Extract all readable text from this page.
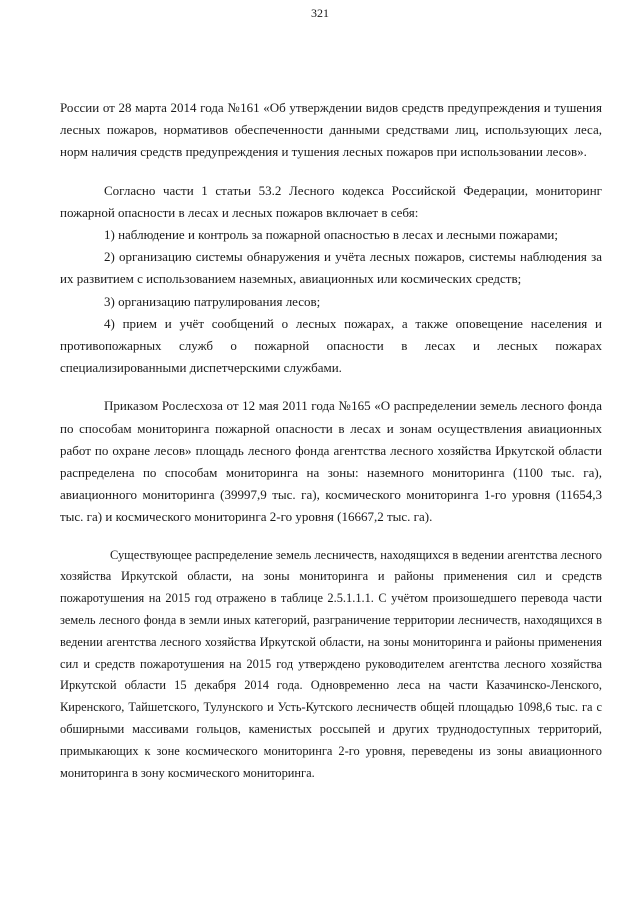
321

России от 28 марта 2014 года №161 «Об утверждении видов средств предупреждения и тушения лесных пожаров, нормативов обеспеченности данными средствами лиц, использующих леса, норм наличия средств предупреждения и тушения лесных пожаров при использовании лесов».

Согласно части 1 статьи 53.2 Лесного кодекса Российской Федерации, мониторинг пожарной опасности в лесах и лесных пожаров включает в себя:

1) наблюдение и контроль за пожарной опасностью в лесах и лесными пожарами;

2) организацию системы обнаружения и учёта лесных пожаров, системы наблюдения за их развитием с использованием наземных, авиационных или космических средств;

3) организацию патрулирования лесов;

4) прием и учёт сообщений о лесных пожарах, а также оповещение населения и противопожарных служб о пожарной опасности в лесах и лесных пожарах специализированными диспетчерскими службами.

Приказом Рослесхоза от 12 мая 2011 года №165 «О распределении земель лесного фонда по способам мониторинга пожарной опасности в лесах и зонам осуществления авиационных работ по охране лесов» площадь лесного фонда агентства лесного хозяйства Иркутской области распределена по способам мониторинга на зоны: наземного мониторинга (1100 тыс. га), авиационного мониторинга (39997,9 тыс. га), космического мониторинга 1-го уровня (11654,3 тыс. га) и космического мониторинга 2-го уровня (16667,2 тыс. га).

Существующее распределение земель лесничеств, находящихся в ведении агентства лесного хозяйства Иркутской области, на зоны мониторинга и районы применения сил и средств пожаротушения на 2015 год отражено в таблице 2.5.1.1.1. С учётом произошедшего перевода части земель лесного фонда в земли иных категорий, разграничение территории лесничеств, находящихся в ведении агентства лесного хозяйства Иркутской области, на зоны мониторинга и районы применения сил и средств пожаротушения на 2015 год утверждено руководителем агентства лесного хозяйства Иркутской области 15 декабря 2014 года. Одновременно леса на части Казачинско-Ленского, Киренского, Тайшетского, Тулунского и Усть-Кутского лесничеств общей площадью 1098,6 тыс. га с обширными массивами гольцов, каменистых россыпей и других труднодоступных территорий, примыкающих к зоне космического мониторинга 2-го уровня, переведены из зоны авиационного мониторинга в зону космического мониторинга.
